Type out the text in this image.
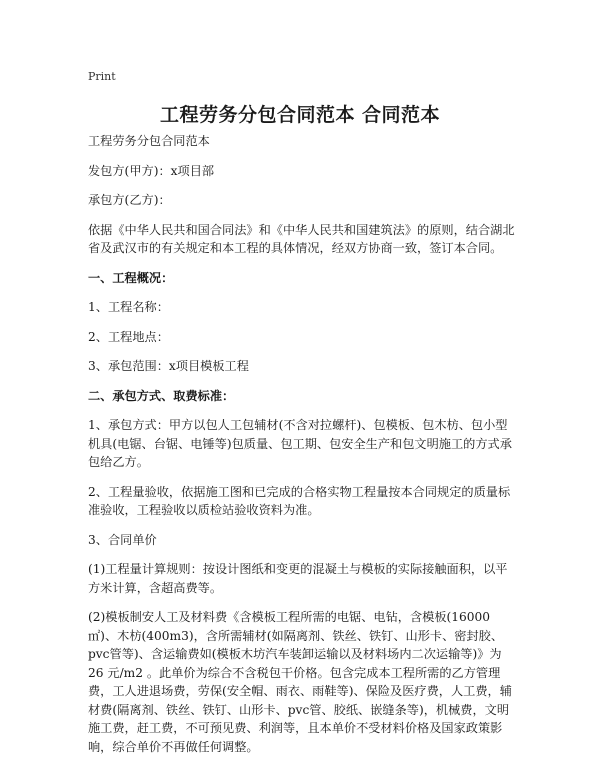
Print
工程劳务分包合同范本 合同范本

工程劳务分包合同范本

发包方(甲方)：x项目部

承包方(乙方)：

依据《中华人民共和国合同法》和《中华人民共和国建筑法》的原则，结合湖北省及武汉市的有关规定和本工程的具体情况，经双方协商一致，签订本合同。

一、工程概况：

1、工程名称：

2、工程地点：

3、承包范围：x项目模板工程

二、承包方式、取费标准：

1、承包方式：甲方以包人工包辅材(不含对拉螺杆)、包模板、包木枋、包小型机具(电锯、台锯、电锤等)包质量、包工期、包安全生产和包文明施工的方式承包给乙方。

2、工程量验收，依据施工图和已完成的合格实物工程量按本合同规定的质量标准验收，工程验收以质检站验收资料为准。

3、合同单价

(1)工程量计算规则：按设计图纸和变更的混凝土与模板的实际接触面积，以平方米计算，含超高费等。

(2)模板制安人工及材料费《含模板工程所需的电锯、电钻，含模板(16000㎡)、木枋(400m3)，含所需辅材(如隔离剂、铁丝、铁钉、山形卡、密封胶、pvc管等)、含运输费如(模板木坊汽车装卸运输以及材料场内二次运输等)》为 26 元/m2 。此单价为综合不含税包干价格。包含完成本工程所需的乙方管理费，工人进退场费，劳保(安全帽、雨衣、雨鞋等)、保险及医疗费，人工费，辅材费(隔离剂、铁丝、铁钉、山形卡、pvc管、胶纸、嵌缝条等)，机械费，文明施工费，赶工费，不可预见费、利润等，且本单价不受材料价格及国家政策影响，综合单价不再做任何调整。
